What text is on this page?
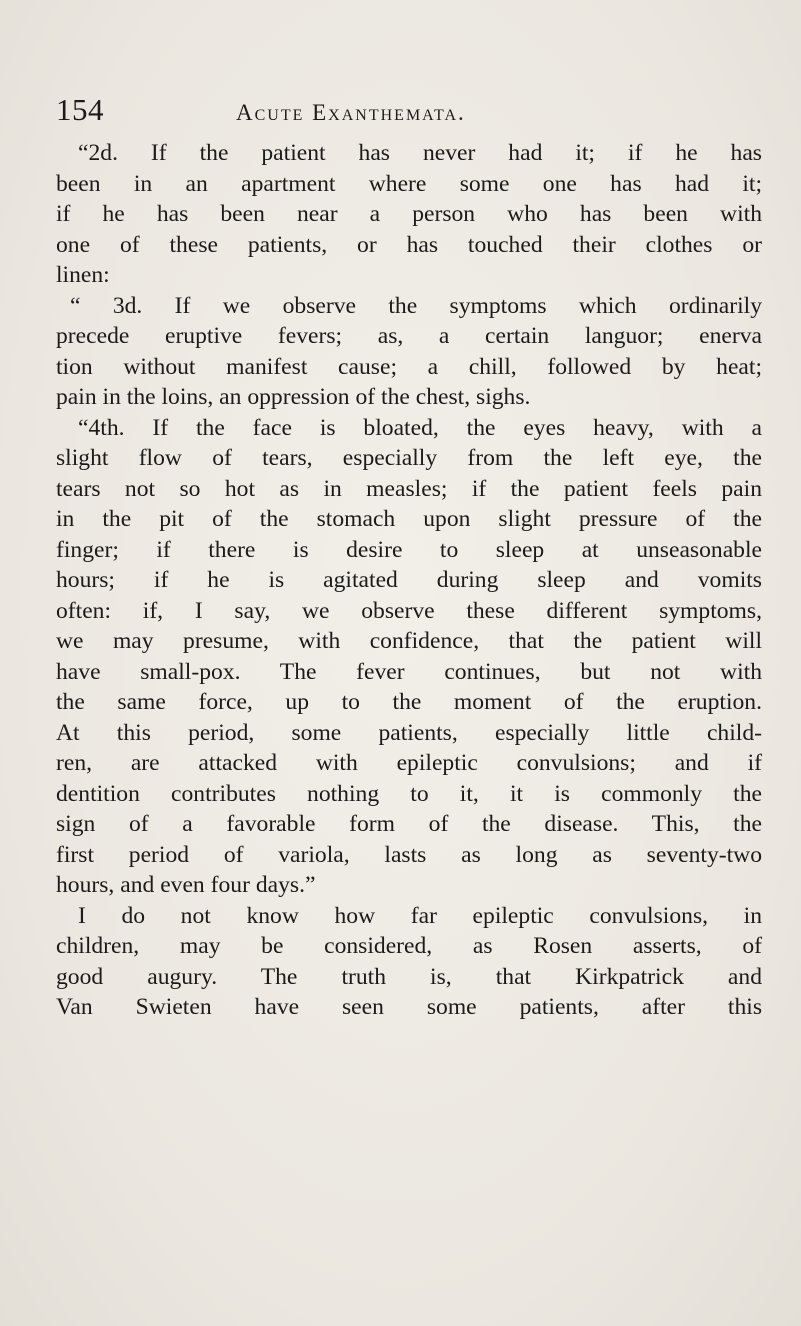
154	Acute Exanthemata.
“2d. If the patient has never had it; if he has
been in an apartment where some one has had it;
if he has been near a person who has been with
one of these patients, or has touched their clothes or
linen:
“ 3d. If we observe the symptoms which ordinarily
precede eruptive fevers; as, a certain languor; enerva
tion without manifest cause; a chill, followed by heat;
pain in the loins, an oppression of the chest, sighs.
“4th. If the face is bloated, the eyes heavy, with a
slight flow of tears, especially from the left eye, the
tears not so hot as in measles; if the patient feels pain
in the pit of the stomach upon slight pressure of the
finger; if there is desire to sleep at unseasonable
hours; if he is agitated during sleep and vomits
often: if, I say, we observe these different symptoms,
we may presume, with confidence, that the patient will
have small-pox. The fever continues, but not with
the same force, up to the moment of the eruption.
At this period, some patients, especially little child-
ren, are attacked with epileptic convulsions; and if
dentition contributes nothing to it, it is commonly the
sign of a favorable form of the disease. This, the
first period of variola, lasts as long as seventy-two
hours, and even four days.”
I do not know how far epileptic convulsions, in
children, may be considered, as Rosen asserts, of
good augury. The truth is, that Kirkpatrick and
Van Swieten have seen some patients, after this
